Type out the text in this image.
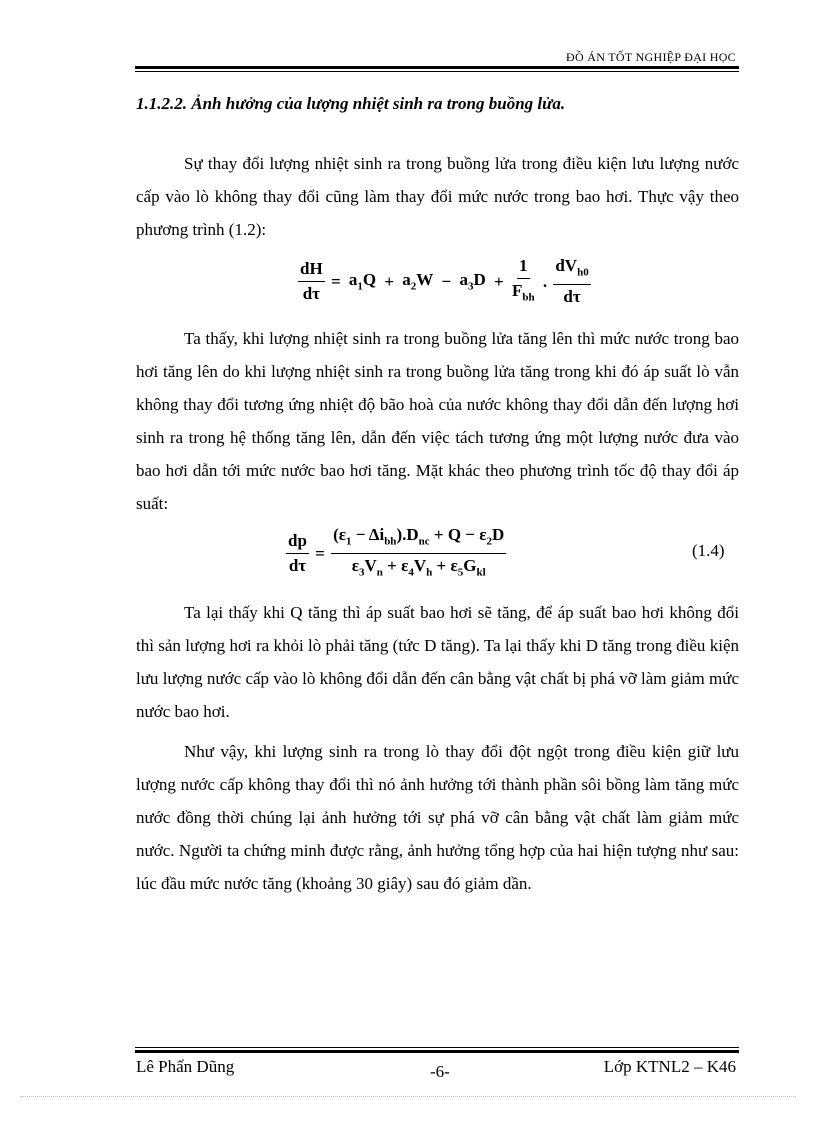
ĐỒ ÁN TỐT NGHIỆP ĐẠI HỌC
1.1.2.2. Ảnh hưởng của lượng nhiệt sinh ra trong buồng lửa.

Sự thay đổi lượng nhiệt sinh ra trong buồng lửa trong điều kiện lưu lượng nước cấp vào lò không thay đổi cũng làm thay đổi mức nước trong bao hơi. Thực vậy theo phương trình (1.2):

$\frac{dH}{d\tau} = a_1Q + a_2W - a_3D + \frac{1}{F_{bh}}$ . $\frac{dV_{h0}}{d\tau}$

Ta thấy, khi lượng nhiệt sinh ra trong buồng lửa tăng lên thì mức nước trong bao hơi tăng lên do khi lượng nhiệt sinh ra trong buồng lửa tăng trong khi đó áp suất lò vẫn không thay đổi tương ứng nhiệt độ bão hoà của nước không thay đổi dẫn đến lượng hơi sinh ra trong hệ thống tăng lên, dẫn đến việc tách tương ứng một lượng nước đưa vào bao hơi dẫn tới mức nước bao hơi tăng. Mặt khác theo phương trình tốc độ thay đổi áp suất:

$\frac{dp}{d\tau} = \frac{(\varepsilon_1 - \Delta i_{bh}).D_{nc} + Q - \varepsilon_2D}{\varepsilon_3V_n + \varepsilon_4V_h + \varepsilon_5G_{kl}}$	(1.4)

Ta lại thấy khi Q tăng thì áp suất bao hơi sẽ tăng, để áp suất bao hơi không đổi thì sản lượng hơi ra khỏi lò phải tăng (tức D tăng). Ta lại thấy khi D tăng trong điều kiện lưu lượng nước cấp vào lò không đổi dẫn đến cân bằng vật chất bị phá vỡ làm giảm mức nước bao hơi.

Như vậy, khi lượng sinh ra trong lò thay đổi đột ngột trong điều kiện giữ lưu lượng nước cấp không thay đổi thì nó ảnh hưởng tới thành phần sôi bồng làm tăng mức nước đồng thời chúng lại ảnh hưởng tới sự phá vỡ cân bằng vật chất làm giảm mức nước. Người ta chứng minh được rằng, ảnh hưởng tổng hợp của hai hiện tượng như sau: lúc đầu mức nước tăng (khoảng 30 giây) sau đó giảm dần.

Lê Phấn Dũng	-6-	Lớp KTNL2 – K46
